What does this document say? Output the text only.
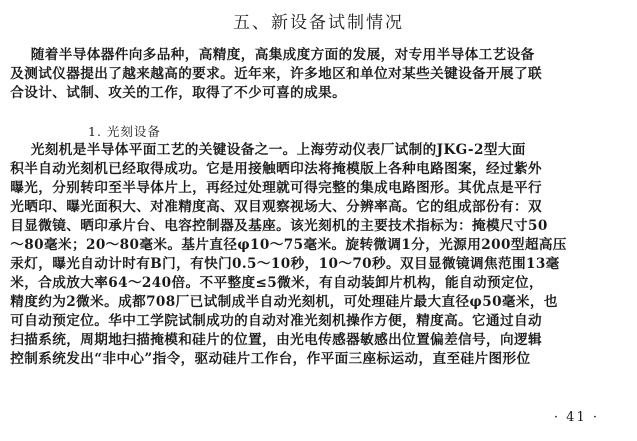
五、新设备试制情况

随着半导体器件向多品种，高精度，高集成度方面的发展，对专用半导体工艺设备
及测试仪器提出了越来越高的要求。近年来，许多地区和单位对某些关键设备开展了联
合设计、试制、攻关的工作，取得了不少可喜的成果。

1. 光刻设备

光刻机是半导体平面工艺的关键设备之一。上海劳动仪表厂试制的JKG-2型大面
积半自动光刻机已经取得成功。它是用接触晒印法将掩模版上各种电路图案，经过紫外
曝光，分别转印至半导体片上，再经过处理就可得完整的集成电路图形。其优点是平行
光晒印、曝光面积大、对准精度高、双目观察视场大、分辨率高。它的组成部份有：双
目显微镜、晒印承片台、电容控制器及基座。该光刻机的主要技术指标为：掩模尺寸50
～80毫米；20～80毫米。基片直径φ10～75毫米。旋转微调1分，光源用200型超高压
汞灯，曝光自动计时有B门，有快门0.5～10秒，10～70秒。双目显微镜调焦范围13毫
米，合成放大率64～240倍。不平整度≤5微米，有自动装卸片机构，能自动预定位，
精度约为2微米。成都708厂已试制成半自动光刻机，可处理硅片最大直径φ50毫米，也
可自动预定位。华中工学院试制成功的自动对准光刻机操作方便，精度高。它通过自动
扫描系统，周期地扫描掩模和硅片的位置，由光电传感器敏感出位置偏差信号，向逻辑
控制系统发出“非中心”指令，驱动硅片工作台，作平面三座标运动，直至硅片图形位

· 41 ·
